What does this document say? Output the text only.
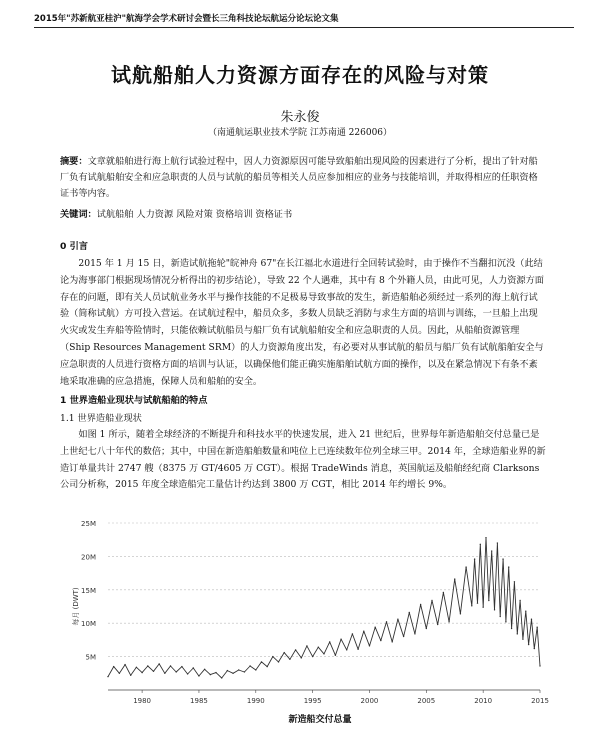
2015年"苏新航亚桂沪"航海学会学术研讨会暨长三角科技论坛航运分论坛论文集
试航船舶人力资源方面存在的风险与对策
朱永俊
（南通航运职业技术学院 江苏南通 226006）
摘要：文章就船舶进行海上航行试验过程中，因人力资源原因可能导致船舶出现风险的因素进行了分析，提出了针对船厂负有试航船舶安全和应急职责的人员与试航的船员等相关人员应参加相应的业务与技能培训，并取得相应的任职资格证书等内容。
关键词：试航船舶 人力资源 风险对策 资格培训 资格证书
0 引言
2015 年 1 月 15 日，新造试航拖轮"皖神舟 67"在长江福北水道进行全回转试验时，由于操作不当翻扣沉没（此结论为海事部门根据现场情况分析得出的初步结论），导致 22 个人遇难，其中有 8 个外籍人员，由此可见，人力资源方面存在的问题，即有关人员试航业务水平与操作技能的不足极易导致事故的发生，新造船舶必须经过一系列的海上航行试验（简称试航）方可投入营运。在试航过程中，船员众多，多数人员缺乏消防与求生方面的培训与训练，一旦船上出现火灾或发生弃船等险情时，只能依赖试航船员与船厂负有试航船舶安全和应急职责的人员。因此，从船舶资源管理（Ship Resources Management SRM）的人力资源角度出发，有必要对从事试航的船员与船厂负有试航船舶安全与应急职责的人员进行资格方面的培训与认证，以确保他们能正确实施船舶试航方面的操作，以及在紧急情况下有条不紊地采取准确的应急措施，保障人员和船舶的安全。
1 世界造船业现状与试航船舶的特点
1.1 世界造船业现状
如图 1 所示，随着全球经济的不断提升和科技水平的快速发展，进入 21 世纪后，世界每年新造船舶交付总量已是上世纪七八十年代的数倍；其中，中国在新造船舶数量和吨位上已连续数年位列全球三甲。2014 年，全球造船业界的新造订单量共计 2747 艘（8375 万 GT/4605 万 CGT）。根据 TradeWinds 消息，英国航运及船舶经纪商 Clarksons 公司分析称，2015 年度全球造船完工量估计约达到 3800 万 CGT，相比 2014 年约增长 9%。
5M
10M
15M
20M
25M
1980	1985	1990	1995	2000	2005	2010	2015
每月 (DWT)
新造船交付总量
